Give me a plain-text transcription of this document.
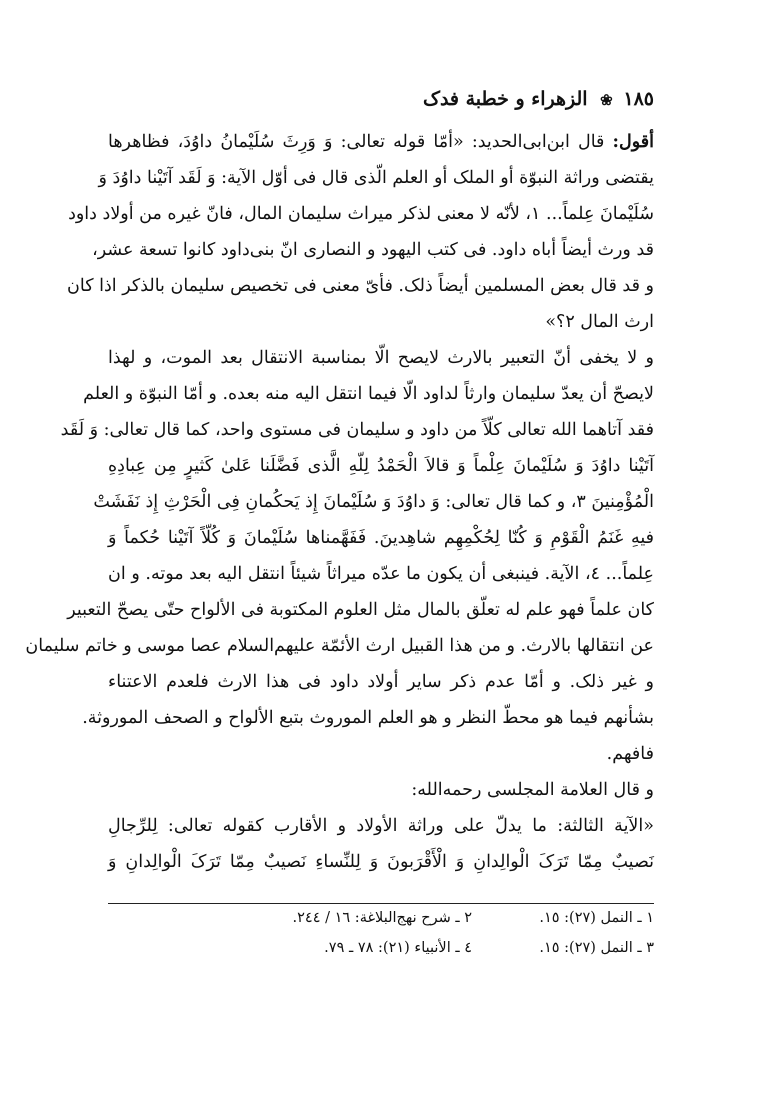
١٨٥ ❀ الزهراء و خطبة فدک
أقول: قال ابن‌ابی‌الحدید: «أمّا قوله تعالی: وَ وَرِثَ سُلَیْمانُ داوُدَ، فظاهرها
یقتضی وراثة النبوّة أو الملک أو العلم الّذی قال فی أوّل الآیة: وَ لَقَد آتَیْنا داوُدَ وَ
سُلَیْمانَ عِلماً... ١، لأنّه لا معنی لذکر میراث سلیمان المال، فانّ غیره من أولاد داود
قد ورث أیضاً أباه داود. فی کتب الیهود و النصاری انّ بنی‌داود کانوا تسعة عشر،
و قد قال بعض المسلمین أیضاً ذلک. فأیّ معنی فی تخصیص سلیمان بالذکر اذا کان
ارث المال ٢؟»
و لا یخفی أنّ التعبیر بالارث لایصح الّا بمناسبة الانتقال بعد الموت، و لهذا
لایصحّ أن یعدّ سلیمان وارثاً لداود الّا فیما انتقل الیه منه بعده. و أمّا النبوّة و العلم
فقد آتاهما الله تعالی کلّاً من داود و سلیمان فی مستوی واحد، کما قال تعالی: وَ لَقَد
آتَیْنا داوُدَ وَ سُلَیْمانَ عِلْماً وَ قالاَ الْحَمْدُ لِلّهِ الَّذی فَضَّلَنا عَلیٰ کَثیرٍ مِن عِبادِهِ
الْمُؤْمِنینَ ٣، و کما قال تعالی: وَ داوُدَ وَ سُلَیْمانَ إِذ یَحکُمانِ فِی الْحَرْثِ إِذ نَفَشَتْ
فیهِ غَنَمُ الْقَوْمِ وَ کُنّا لِحُکْمِهِم شاهِدینَ. فَفَهَّمناها سُلَیْمانَ وَ کُلّاً آتَیْنا حُکماً وَ
عِلماً... ٤، الآیة. فینبغی أن یکون ما عدّه میراثاً شیئاً انتقل الیه بعد موته. و ان
کان علماً فهو علم له تعلّق بالمال مثل العلوم المکتوبة فی الألواح حتّی یصحّ التعبیر
عن انتقالها بالارث. و من هذا القبیل ارث الأئمّة علیهم‌السلام عصا موسی و خاتم سلیمان
و غیر ذلک. و أمّا عدم ذکر سایر أولاد داود فی هذا الارث فلعدم الاعتناء
بشأنهم فیما هو محطّ النظر و هو العلم الموروث بتبع الألواح و الصحف الموروثة.
فافهم.
و قال العلامة المجلسی رحمه‌الله:
«الآیة الثالثة: ما یدلّ علی وراثة الأولاد و الأقارب کقوله تعالی: لِلرِّجالِ
نَصیبٌ مِمّا تَرَکَ الْوالِدانِ وَ الْأَقْرَبونَ وَ لِلنِّساءِ نَصیبٌ مِمّا تَرَکَ الْوالِدانِ وَ
١ ـ النمل (٢٧): ١٥.
٢ ـ شرح نهج‌البلاغة: ١٦ / ٢٤٤.
٣ ـ النمل (٢٧): ١٥.
٤ ـ الأنبیاء (٢١): ٧٨ ـ ٧٩.
